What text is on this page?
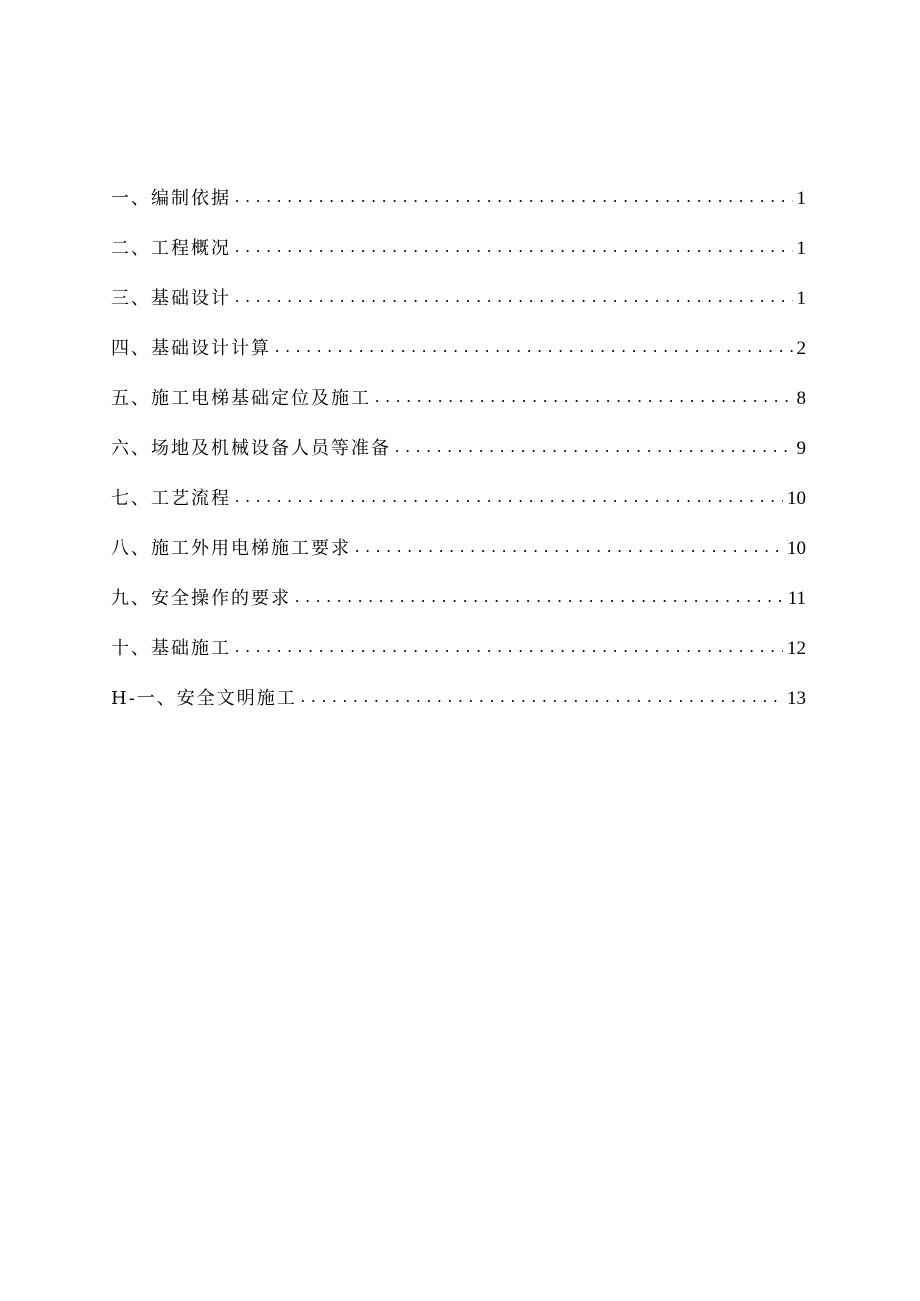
一、编制依据 . . .	1
二、工程概况 . . .	1
三、基础设计 . . .	1
四、基础设计计算 . . .	2
五、施工电梯基础定位及施工 . . .	8
六、场地及机械设备人员等准备 . . .	9
七、工艺流程 . . .	10
八、施工外用电梯施工要求 . . .	10
九、安全操作的要求 . . .	11
十、基础施工 . . .	12
H-一、安全文明施工 . . .	13
